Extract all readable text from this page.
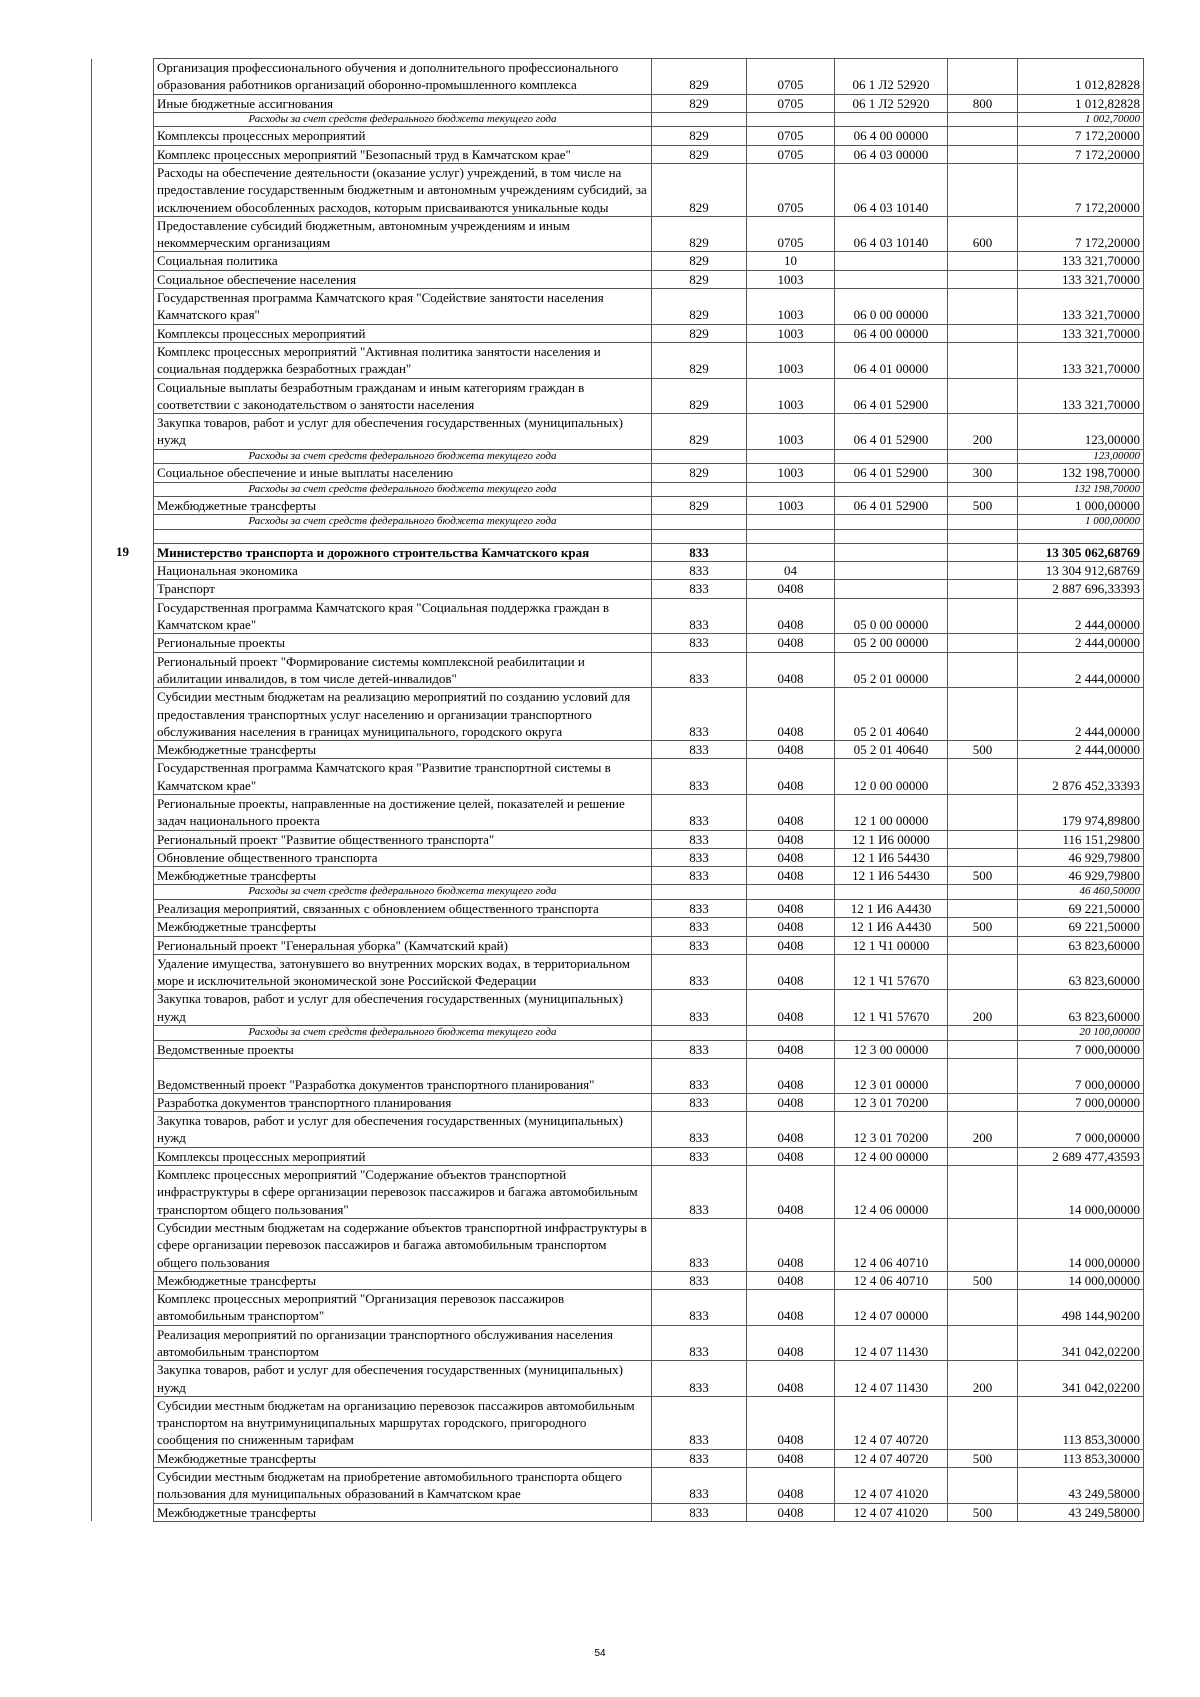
	Организация профессионального обучения и дополнительного профессионального образования работников организаций оборонно-промышленного комплекса	829	0705	06 1 Л2 52920		1 012,82828
	Иные бюджетные ассигнования	829	0705	06 1 Л2 52920	800	1 012,82828
	Расходы за счет средств федерального бюджета текущего года					1 002,70000
	Комплексы процессных мероприятий	829	0705	06 4 00 00000		7 172,20000
	Комплекс процессных мероприятий "Безопасный труд в Камчатском крае"	829	0705	06 4 03 00000		7 172,20000
	Расходы на обеспечение деятельности (оказание услуг) учреждений, в том числе на предоставление государственным бюджетным и автономным учреждениям субсидий, за исключением обособленных расходов, которым присваиваются уникальные коды	829	0705	06 4 03 10140		7 172,20000
	Предоставление субсидий бюджетным, автономным учреждениям и иным некоммерческим организациям	829	0705	06 4 03 10140	600	7 172,20000
	Социальная политика	829	10			133 321,70000
	Социальное обеспечение населения	829	1003			133 321,70000
	Государственная программа Камчатского края "Содействие занятости населения Камчатского края"	829	1003	06 0 00 00000		133 321,70000
	Комплексы процессных мероприятий	829	1003	06 4 00 00000		133 321,70000
	Комплекс процессных мероприятий "Активная политика занятости населения и социальная поддержка безработных граждан"	829	1003	06 4 01 00000		133 321,70000
	Социальные выплаты безработным гражданам и иным категориям граждан в соответствии с законодательством о занятости населения	829	1003	06 4 01 52900		133 321,70000
	Закупка товаров, работ и услуг для обеспечения государственных (муниципальных) нужд	829	1003	06 4 01 52900	200	123,00000
	Расходы за счет средств федерального бюджета текущего года					123,00000
	Социальное обеспечение и иные выплаты населению	829	1003	06 4 01 52900	300	132 198,70000
	Расходы за счет средств федерального бюджета текущего года					132 198,70000
	Межбюджетные трансферты	829	1003	06 4 01 52900	500	1 000,00000
	Расходы за счет средств федерального бюджета текущего года					1 000,00000

19	Министерство транспорта и дорожного строительства Камчатского края	833				13 305 062,68769
	Национальная экономика	833	04			13 304 912,68769
	Транспорт	833	0408			2 887 696,33393
	Государственная программа Камчатского края "Социальная поддержка граждан в Камчатском крае"	833	0408	05 0 00 00000		2 444,00000
	Региональные проекты	833	0408	05 2 00 00000		2 444,00000
	Региональный проект "Формирование системы комплексной реабилитации и абилитации инвалидов, в том числе детей-инвалидов"	833	0408	05 2 01 00000		2 444,00000
	Субсидии местным бюджетам на реализацию мероприятий по созданию условий для предоставления транспортных услуг населению и организации транспортного обслуживания населения в границах муниципального, городского округа	833	0408	05 2 01 40640		2 444,00000
	Межбюджетные трансферты	833	0408	05 2 01 40640	500	2 444,00000
	Государственная программа Камчатского края "Развитие транспортной системы в Камчатском крае"	833	0408	12 0 00 00000		2 876 452,33393
	Региональные проекты, направленные на достижение целей, показателей и решение задач национального проекта	833	0408	12 1 00 00000		179 974,89800
	Региональный проект "Развитие общественного транспорта"	833	0408	12 1 И6 00000		116 151,29800
	Обновление общественного транспорта	833	0408	12 1 И6 54430		46 929,79800
	Межбюджетные трансферты	833	0408	12 1 И6 54430	500	46 929,79800
	Расходы за счет средств федерального бюджета текущего года					46 460,50000
	Реализация мероприятий, связанных с обновлением общественного транспорта	833	0408	12 1 И6 А4430		69 221,50000
	Межбюджетные трансферты	833	0408	12 1 И6 А4430	500	69 221,50000
	Региональный проект "Генеральная уборка" (Камчатский край)	833	0408	12 1 Ч1 00000		63 823,60000
	Удаление имущества, затонувшего во внутренних морских водах, в территориальном море и исключительной экономической зоне Российской Федерации	833	0408	12 1 Ч1 57670		63 823,60000
	Закупка товаров, работ и услуг для обеспечения государственных (муниципальных) нужд	833	0408	12 1 Ч1 57670	200	63 823,60000
	Расходы за счет средств федерального бюджета текущего года					20 100,00000
	Ведомственные проекты	833	0408	12 3 00 00000		7 000,00000
	Ведомственный проект "Разработка документов транспортного планирования"	833	0408	12 3 01 00000		7 000,00000
	Разработка документов транспортного планирования	833	0408	12 3 01 70200		7 000,00000
	Закупка товаров, работ и услуг для обеспечения государственных (муниципальных) нужд	833	0408	12 3 01 70200	200	7 000,00000
	Комплексы процессных мероприятий	833	0408	12 4 00 00000		2 689 477,43593
	Комплекс процессных мероприятий "Содержание объектов транспортной инфраструктуры в сфере организации перевозок пассажиров и багажа автомобильным транспортом общего пользования"	833	0408	12 4 06 00000		14 000,00000
	Субсидии местным бюджетам на содержание объектов транспортной инфраструктуры в сфере организации перевозок пассажиров и багажа автомобильным транспортом общего пользования	833	0408	12 4 06 40710		14 000,00000
	Межбюджетные трансферты	833	0408	12 4 06 40710	500	14 000,00000
	Комплекс процессных мероприятий "Организация перевозок пассажиров автомобильным транспортом"	833	0408	12 4 07 00000		498 144,90200
	Реализация мероприятий по организации транспортного обслуживания населения автомобильным транспортом	833	0408	12 4 07 11430		341 042,02200
	Закупка товаров, работ и услуг для обеспечения государственных (муниципальных) нужд	833	0408	12 4 07 11430	200	341 042,02200
	Субсидии местным бюджетам на организацию перевозок пассажиров автомобильным транспортом на внутримуниципальных маршрутах городского, пригородного сообщения по сниженным тарифам	833	0408	12 4 07 40720		113 853,30000
	Межбюджетные трансферты	833	0408	12 4 07 40720	500	113 853,30000
	Субсидии местным бюджетам на приобретение автомобильного транспорта общего пользования для муниципальных образований в Камчатском крае	833	0408	12 4 07 41020		43 249,58000
	Межбюджетные трансферты	833	0408	12 4 07 41020	500	43 249,58000
54
